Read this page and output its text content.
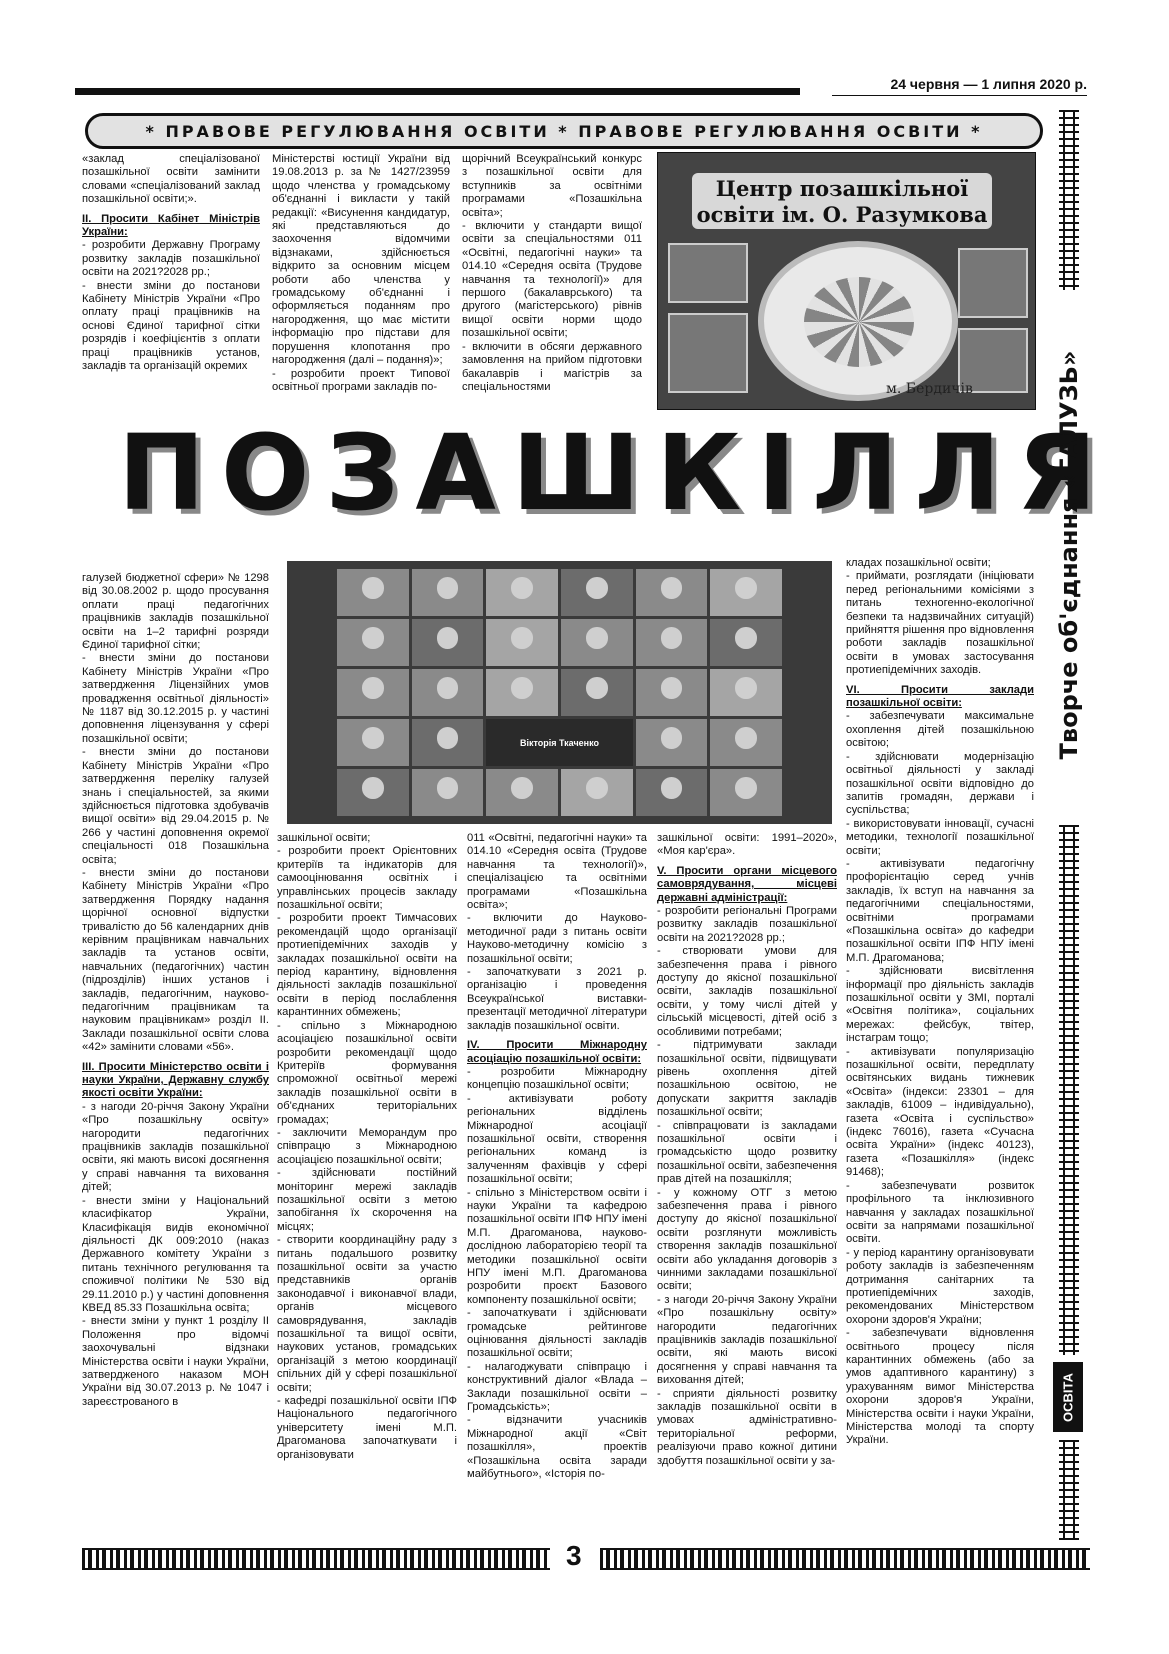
24 червня — 1 липня 2020 р.
* ПРАВОВЕ РЕГУЛЮВАННЯ ОСВІТИ * ПРАВОВЕ РЕГУЛЮВАННЯ ОСВІТИ *

«заклад спеціалізованої позашкільної освіти замінити словами «спеціалізований заклад позашкільної освіти;».

II. Просити Кабінет Міністрів України:

- розробити Державну Програму розвитку закладів позашкільної освіти на 2021?2028 рр.;

- внести зміни до постанови Кабінету Міністрів України «Про оплату праці працівників на основі Єдиної тарифної сітки розрядів і коефіцієнтів з оплати праці працівників установ, закладів та організацій окремих

Міністерстві юстиції України від 19.08.2013 р. за № 1427/23959 щодо членства у громадському об'єднанні і викласти у такій редакції: «Висунення кандидатур, які представляються до заохочення відомчими відзнаками, здійснюється відкрито за основним місцем роботи або членства у громадському об'єднанні і оформляється поданням про нагородження, що має містити інформацію про підстави для порушення клопотання про нагородження (далі – подання)»;

- розробити проект Типової освітньої програми закладів по-

щорічний Всеукраїнський конкурс з позашкільної освіти для вступників за освітніми програмами «Позашкільна освіта»;

- включити у стандарти вищої освіти за спеціальностями 011 «Освітні, педагогічні науки» та 014.10 «Середня освіта (Трудове навчання та технології)» для першого (бакалаврського) та другого (магістерського) рівнів вищої освіти норми щодо позашкільної освіти;

- включити в обсяги державного замовлення на прийом підготовки бакалаврів і магістрів за спеціальностями

Центр позашкільної освіти ім. О. Разумкова
м. Бердичів
ПОЗАШКІЛЛЯ
Вікторія Ткаченко

галузей бюджетної сфери» № 1298 від 30.08.2002 р. щодо просування оплати праці педагогічних працівників закладів позашкільної освіти на 1–2 тарифні розряди Єдиної тарифної сітки;

- внести зміни до постанови Кабінету Міністрів України «Про затвердження Ліцензійних умов провадження освітньої діяльності» № 1187 від 30.12.2015 р. у частині доповнення ліцензування у сфері позашкільної освіти;

- внести зміни до постанови Кабінету Міністрів України «Про затвердження переліку галузей знань і спеціальностей, за якими здійснюється підготовка здобувачів вищої освіти» від 29.04.2015 р. № 266 у частині доповнення окремої спеціальності 018 Позашкільна освіта;

- внести зміни до постанови Кабінету Міністрів України «Про затвердження Порядку надання щорічної основної відпустки тривалістю до 56 календарних днів керівним працівникам навчальних закладів та установ освіти, навчальних (педагогічних) частин (підрозділів) інших установ і закладів, педагогічним, науково-педагогічним працівникам та науковим працівникам» розділ II. Заклади позашкільної освіти слова «42» замінити словами «56».

III. Просити Міністерство освіти і науки України, Державну службу якості освіти України:

- з нагоди 20-річчя Закону України «Про позашкільну освіту» нагородити педагогічних працівників закладів позашкільної освіти, які мають високі досягнення у справі навчання та виховання дітей;

- внести зміни у Національний класифікатор України, Класифікація видів економічної діяльності ДК 009:2010 (наказ Державного комітету України з питань технічного регулювання та споживчої політики № 530 від 29.11.2010 р.) у частині доповнення КВЕД 85.33 Позашкільна освіта;

- внести зміни у пункт 1 розділу II Положення про відомчі заохочувальні відзнаки Міністерства освіти і науки України, затвердженого наказом МОН України від 30.07.2013 р. № 1047 і зареєстрованого в

зашкільної освіти;

- розробити проект Орієнтовних критеріїв та індикаторів для самооцінювання освітніх і управлінських процесів закладу позашкільної освіти;

- розробити проект Тимчасових рекомендацій щодо організації протиепідемічних заходів у закладах позашкільної освіти на період карантину, відновлення діяльності закладів позашкільної освіти в період послаблення карантинних обмежень;

- спільно з Міжнародною асоціацією позашкільної освіти розробити рекомендації щодо Критеріїв формування спроможної освітньої мережі закладів позашкільної освіти в об'єднаних територіальних громадах;

- заключити Меморандум про співпрацю з Міжнародною асоціацією позашкільної освіти;

- здійснювати постійний моніторинг мережі закладів позашкільної освіти з метою запобігання їх скорочення на місцях;

- створити координаційну раду з питань подальшого розвитку позашкільної освіти за участю представників органів законодавчої і виконавчої влади, органів місцевого самоврядування, закладів позашкільної та вищої освіти, наукових установ, громадських організацій з метою координації спільних дій у сфері позашкільної освіти;

- кафедрі позашкільної освіти ІПФ Національного педагогічного університету імені М.П. Драгоманова започаткувати і організовувати

011 «Освітні, педагогічні науки» та 014.10 «Середня освіта (Трудове навчання та технології)», спеціалізацією та освітніми програмами «Позашкільна освіта»;

- включити до Науково-методичної ради з питань освіти Науково-методичну комісію з позашкільної освіти;

- започаткувати з 2021 р. організацію і проведення Всеукраїнської виставки-презентації методичної літератури закладів позашкільної освіти.

IV. Просити Міжнародну асоціацію позашкільної освіти:

- розробити Міжнародну концепцію позашкільної освіти;

- активізувати роботу регіональних відділень Міжнародної асоціації позашкільної освіти, створення регіональних команд із залученням фахівців у сфері позашкільної освіти;

- спільно з Міністерством освіти і науки України та кафедрою позашкільної освіти ІПФ НПУ імені М.П. Драгоманова, науково-дослідною лабораторією теорії та методики позашкільної освіти НПУ імені М.П. Драгоманова розробити проєкт Базового компоненту позашкільної освіти;

- започаткувати і здійснювати громадське рейтингове оцінювання діяльності закладів позашкільної освіти;

- налагоджувати співпрацю і конструктивний діалог «Влада – Заклади позашкільної освіти – Громадськість»;

- відзначити учасників Міжнародної акції «Світ позашкілля», проектів «Позашкільна освіта заради майбутнього», «Історія по-

зашкільної освіти: 1991–2020», «Моя кар'єра».

V. Просити органи місцевого самоврядування, місцеві державні адміністрації:

- розробити регіональні Програми розвитку закладів позашкільної освіти на 2021?2028 рр.;

- створювати умови для забезпечення права і рівного доступу до якісної позашкільної освіти, закладів позашкільної освіти, у тому числі дітей у сільській місцевості, дітей осіб з особливими потребами;

- підтримувати заклади позашкільної освіти, підвищувати рівень охоплення дітей позашкільною освітою, не допускати закриття закладів позашкільної освіти;

- співпрацювати із закладами позашкільної освіти і громадськістю щодо розвитку позашкільної освіти, забезпечення прав дітей на позашкілля;

- у кожному ОТГ з метою забезпечення права і рівного доступу до якісної позашкільної освіти розглянути можливість створення закладів позашкільної освіти або укладання договорів з чинними закладами позашкільної освіти;

- з нагоди 20-річчя Закону України «Про позашкільну освіту» нагородити педагогічних працівників закладів позашкільної освіти, які мають високі досягнення у справі навчання та виховання дітей;

- сприяти діяльності розвитку закладів позашкільної освіти в умовах адміністративно-територіальної реформи, реалізуючи право кожної дитини здобуття позашкільної освіти у за-

кладах позашкільної освіти;

- приймати, розглядати (ініціювати перед регіональними комісіями з питань техногенно-екологічної безпеки та надзвичайних ситуацій) прийняття рішення про відновлення роботи закладів позашкільної освіти в умовах застосування протиепідемічних заходів.

VI. Просити заклади позашкільної освіти:

- забезпечувати максимальне охоплення дітей позашкільною освітою;

- здійснювати модернізацію освітньої діяльності у закладі позашкільної освіти відповідно до запитів громадян, держави і суспільства;

- використовувати інновації, сучасні методики, технології позашкільної освіти;

- активізувати педагогічну профорієнтацію серед учнів закладів, їх вступ на навчання за педагогічними спеціальностями, освітніми програмами «Позашкільна освіта» до кафедри позашкільної освіти ІПФ НПУ імені М.П. Драгоманова;

- здійснювати висвітлення інформації про діяльність закладів позашкільної освіти у ЗМІ, порталі «Освітня політика», соціальних мережах: фейсбук, твітер, інстаграм тощо;

- активізувати популяризацію позашкільної освіти, передплату освітянських видань тижневик «Освіта» (індекси: 23301 – для закладів, 61009 – індивідуально), газета «Освіта і суспільство» (індекс 76016), газета «Сучасна освіта України» (індекс 40123), газета «Позашкілля» (індекс 91468);

- забезпечувати розвиток профільного та інклюзивного навчання у закладах позашкільної освіти за напрямами позашкільної освіти.

- у період карантину організовувати роботу закладів із забезпеченням дотримання санітарних та протиепідемічних заходів, рекомендованих Міністерством охорони здоров'я України;

- забезпечувати відновлення освітнього процесу після карантинних обмежень (або за умов адаптивного карантину) з урахуванням вимог Міністерства охорони здоров'я України, Міністерства освіти і науки України, Міністерства молоді та спорту України.

Творче об'єднання «ГАЛУЗЬ»
ОСВІТА
3
